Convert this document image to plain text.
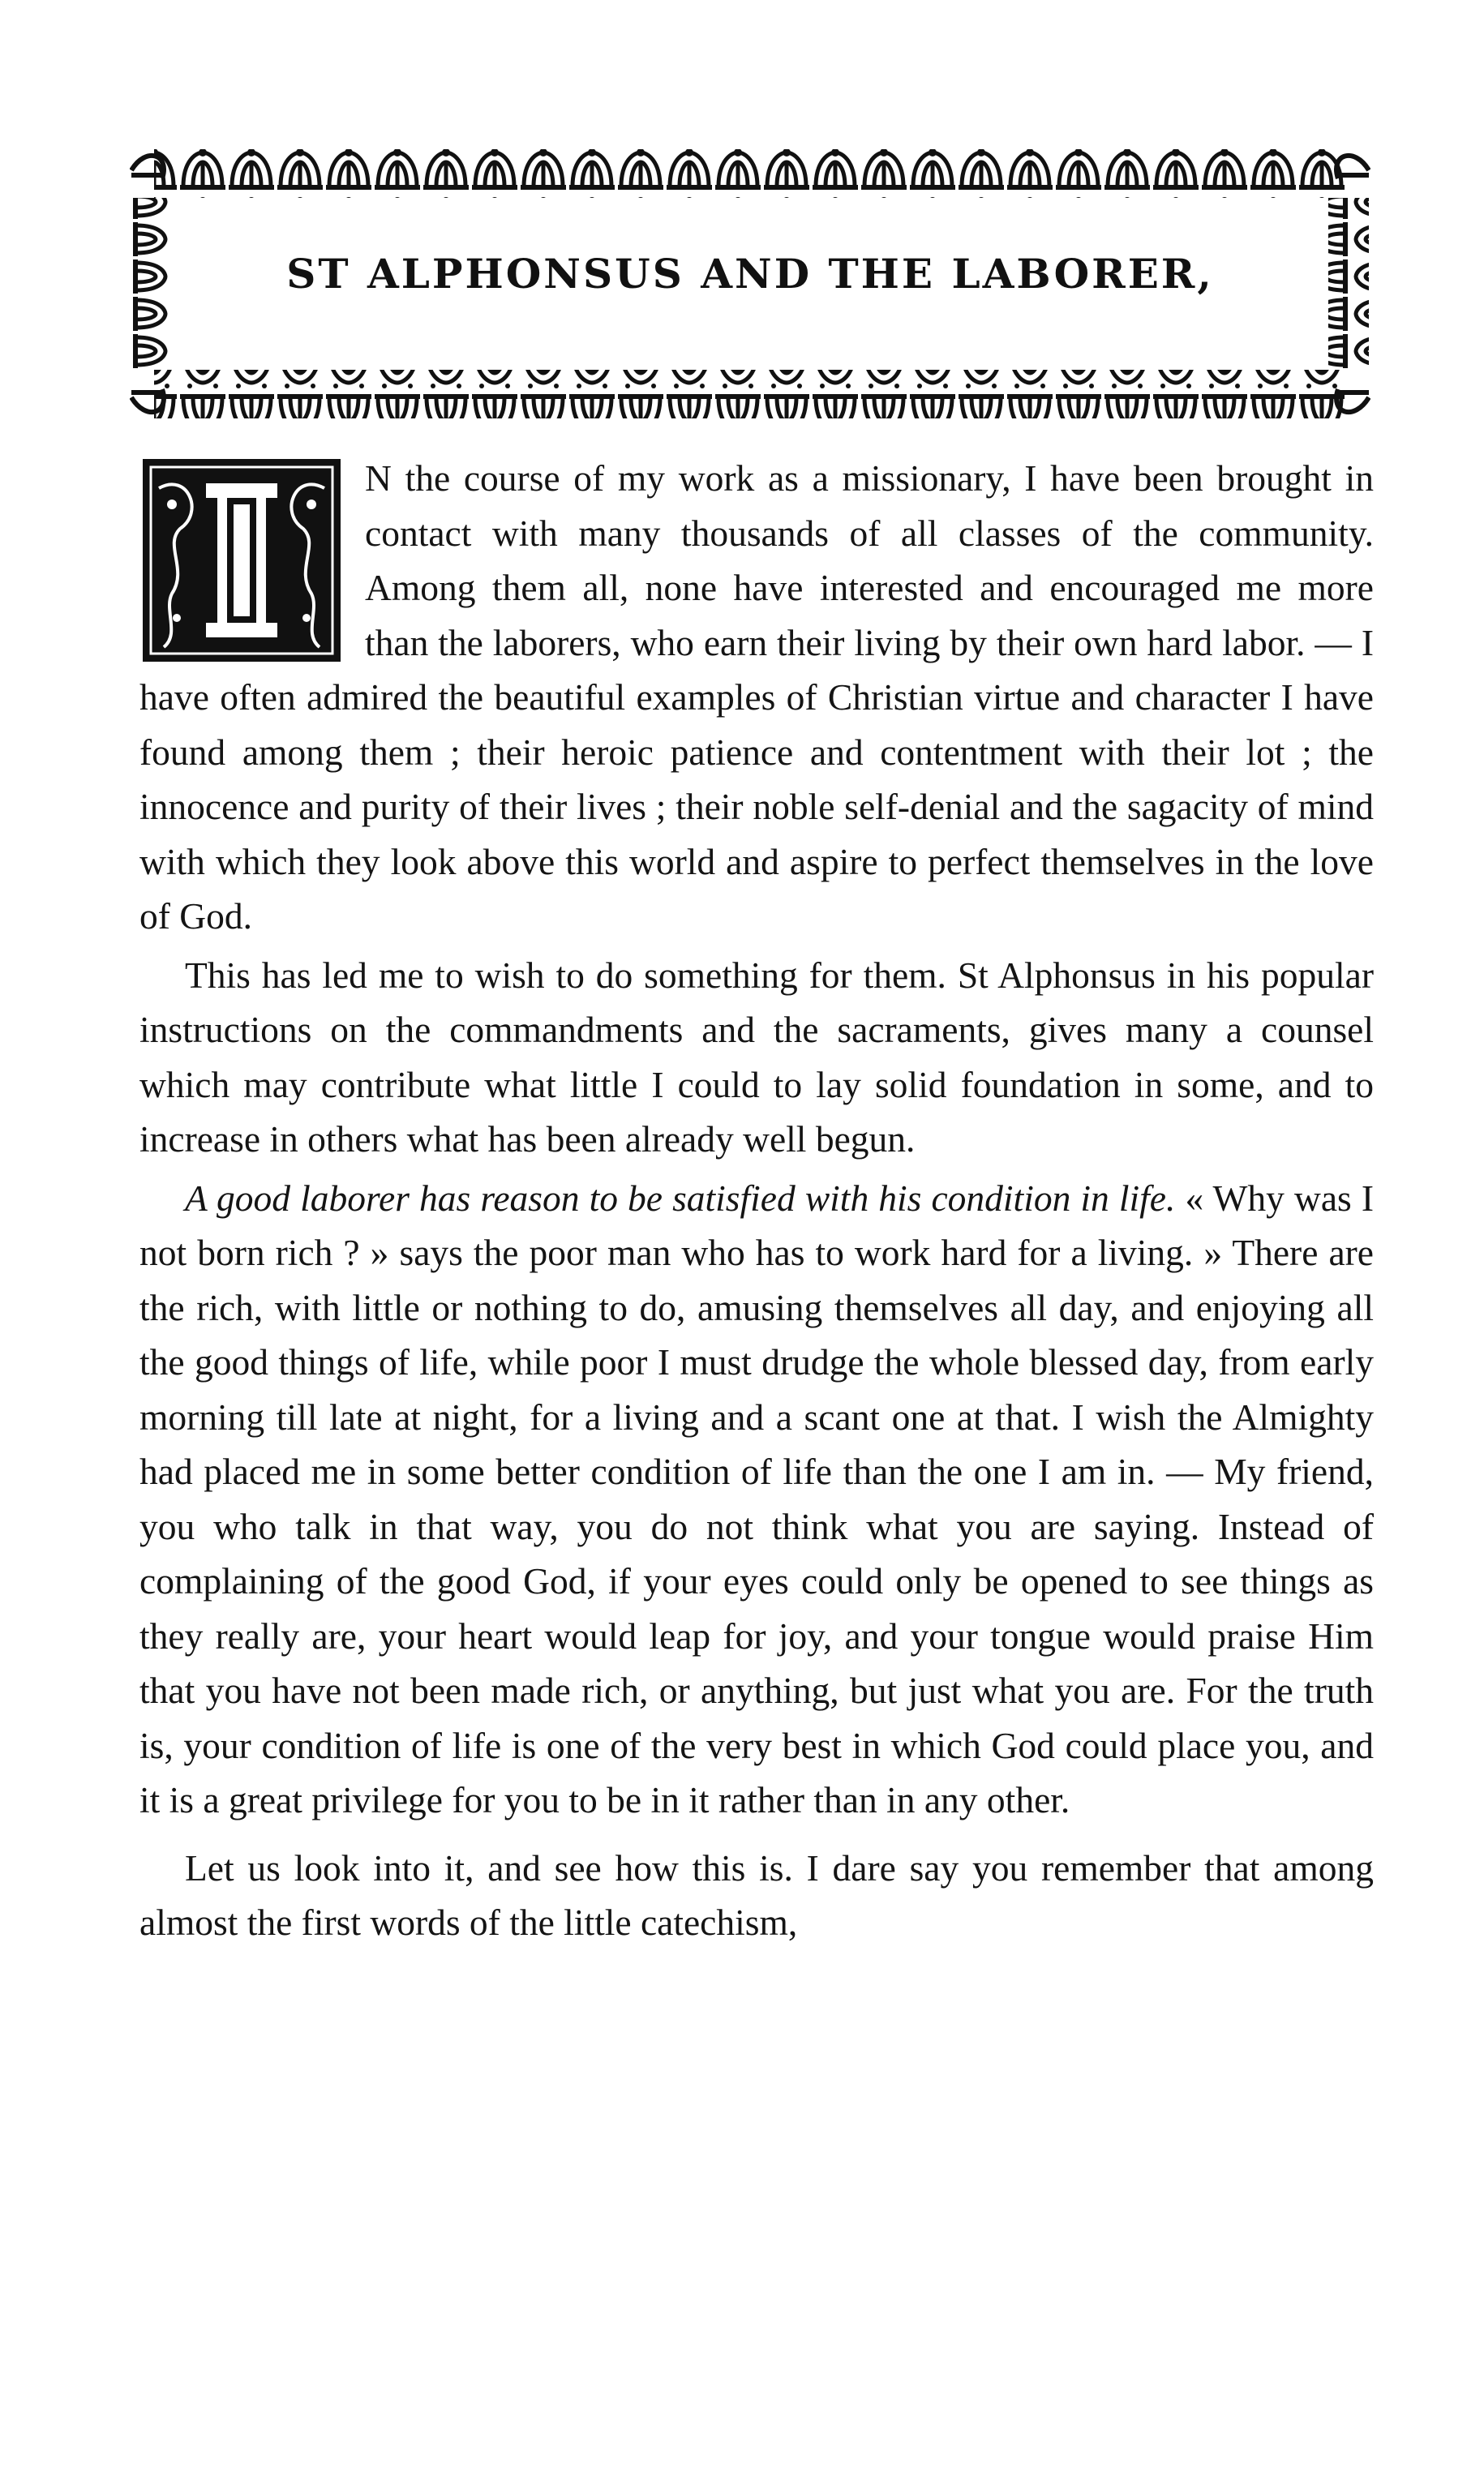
ST ALPHONSUS AND THE LABORER,

N the course of my work as a missionary, I have been brought in contact with many thousands of all classes of the community. Among them all, none have interested and encouraged me more than the laborers, who earn their living by their own hard labor. — I have often admired the beautiful examples of Christian virtue and character I have found among them ; their heroic patience and contentment with their lot ; the innocence and purity of their lives ; their noble self-denial and the sagacity of mind with which they look above this world and aspire to perfect themselves in the love of God.

This has led me to wish to do something for them. St Alphonsus in his popular instructions on the commandments and the sacraments, gives many a counsel which may contribute what little I could to lay solid foundation in some, and to increase in others what has been already well begun.

A good laborer has reason to be satisfied with his condition in life. « Why was I not born rich ? » says the poor man who has to work hard for a living. » There are the rich, with little or nothing to do, amusing themselves all day, and enjoying all the good things of life, while poor I must drudge the whole blessed day, from early morning till late at night, for a living and a scant one at that. I wish the Almighty had placed me in some better condition of life than the one I am in. — My friend, you who talk in that way, you do not think what you are saying. Instead of complaining of the good God, if your eyes could only be opened to see things as they really are, your heart would leap for joy, and your tongue would praise Him that you have not been made rich, or anything, but just what you are. For the truth is, your condition of life is one of the very best in which God could place you, and it is a great privilege for you to be in it rather than in any other.

Let us look into it, and see how this is. I dare say you remember that among almost the first words of the little catechism,
